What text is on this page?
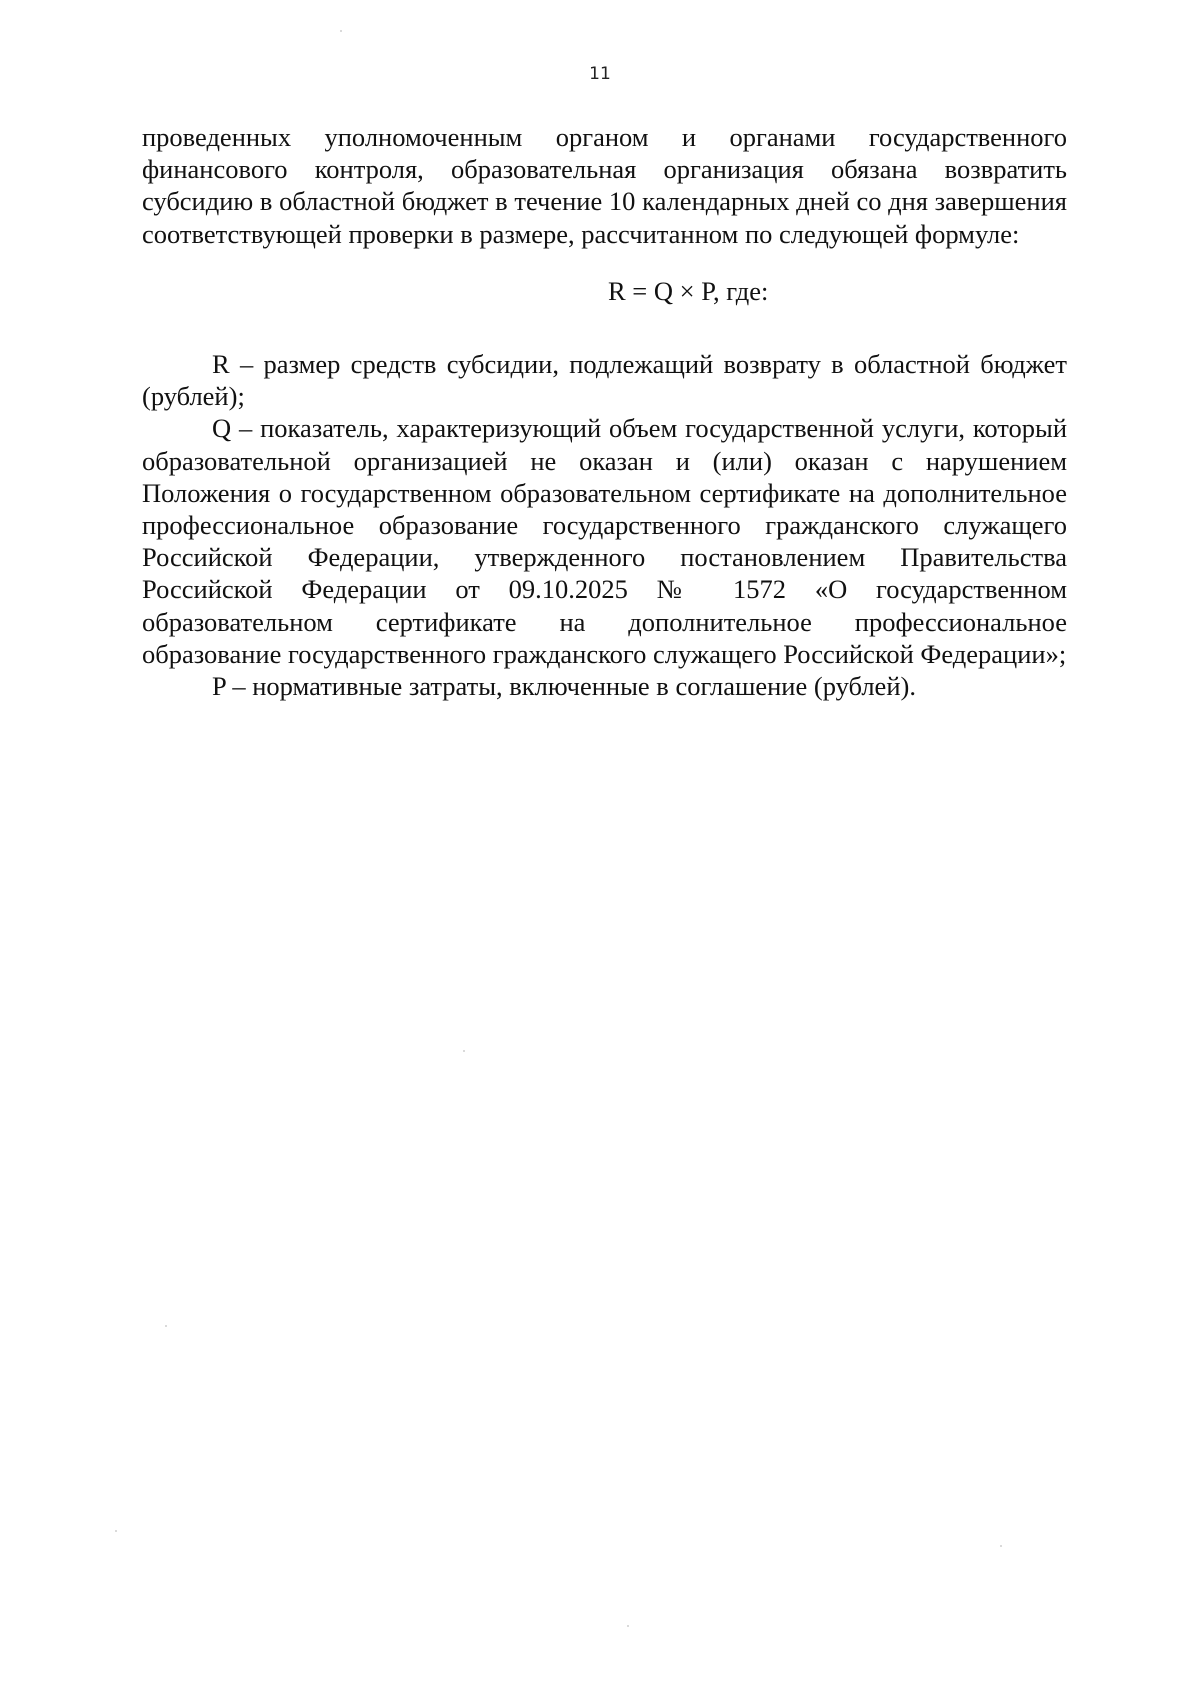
11

проведенных уполномоченным органом и органами государственного финансового контроля, образовательная организация обязана возвратить субсидию в областной бюджет в течение 10 календарных дней со дня завершения соответствующей проверки в размере, рассчитанном по следующей формуле:

R = Q × P, где:

R – размер средств субсидии, подлежащий возврату в областной бюджет (рублей);

Q – показатель, характеризующий объем государственной услуги, который образовательной организацией не оказан и (или) оказан с нарушением Положения о государственном образовательном сертификате на дополнительное профессиональное образование государственного гражданского служащего Российской Федерации, утвержденного постановлением Правительства Российской Федерации от 09.10.2025 № 1572 «О государственном образовательном сертификате на дополнительное профессиональное образование государственного гражданского служащего Российской Федерации»;

P – нормативные затраты, включенные в соглашение (рублей).
